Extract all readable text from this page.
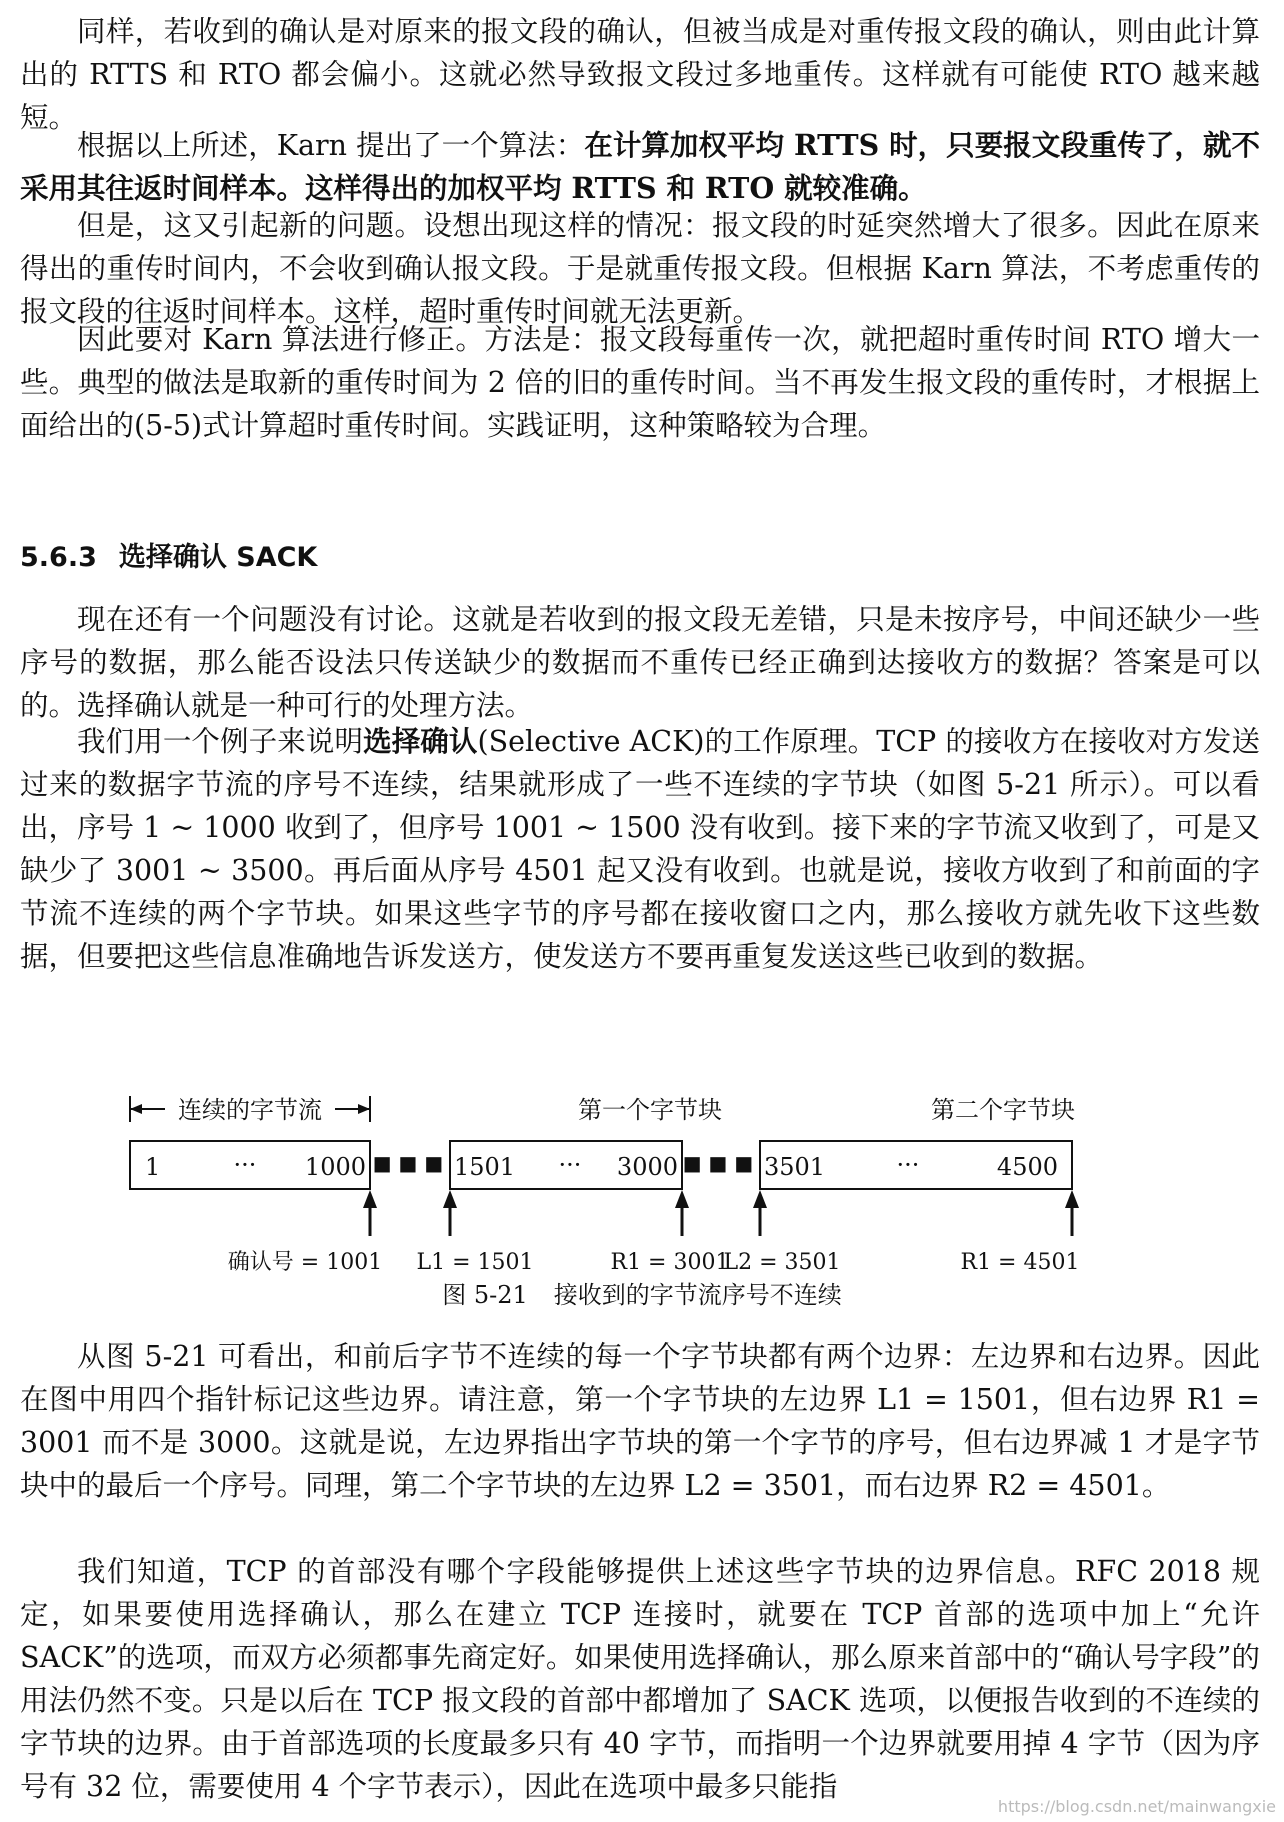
同样，若收到的确认是对原来的报文段的确认，但被当成是对重传报文段的确认，则由此计算出的 RTTS 和 RTO 都会偏小。这就必然导致报文段过多地重传。这样就有可能使 RTO 越来越短。

根据以上所述，Karn 提出了一个算法：在计算加权平均 RTTS 时，只要报文段重传了，就不采用其往返时间样本。这样得出的加权平均 RTTS 和 RTO 就较准确。

但是，这又引起新的问题。设想出现这样的情况：报文段的时延突然增大了很多。因此在原来得出的重传时间内，不会收到确认报文段。于是就重传报文段。但根据 Karn 算法，不考虑重传的报文段的往返时间样本。这样，超时重传时间就无法更新。

因此要对 Karn 算法进行修正。方法是：报文段每重传一次，就把超时重传时间 RTO 增大一些。典型的做法是取新的重传时间为 2 倍的旧的重传时间。当不再发生报文段的重传时，才根据上面给出的(5-5)式计算超时重传时间。实践证明，这种策略较为合理。

5.6.3 选择确认 SACK

现在还有一个问题没有讨论。这就是若收到的报文段无差错，只是未按序号，中间还缺少一些序号的数据，那么能否设法只传送缺少的数据而不重传已经正确到达接收方的数据？答案是可以的。选择确认就是一种可行的处理方法。

我们用一个例子来说明选择确认(Selective ACK)的工作原理。TCP 的接收方在接收对方发送过来的数据字节流的序号不连续，结果就形成了一些不连续的字节块（如图 5-21 所示）。可以看出，序号 1 ~ 1000 收到了，但序号 1001 ~ 1500 没有收到。接下来的字节流又收到了，可是又缺少了 3001 ~ 3500。再后面从序号 4501 起又没有收到。也就是说，接收方收到了和前面的字节流不连续的两个字节块。如果这些字节的序号都在接收窗口之内，那么接收方就先收下这些数据，但要把这些信息准确地告诉发送方，使发送方不要再重复发送这些已收到的数据。

连续的字节流	第一个字节块	第二个字节块
1	··· 1000 ■ ■ ■ 1501 ··· 3000 ■ ■ ■ 3501	···	4500
确认号 = 1001 L1 = 1501	R1 = 3001
L2 = 3501	R1 = 4501

图 5-21 接收到的字节流序号不连续

从图 5-21 可看出，和前后字节不连续的每一个字节块都有两个边界：左边界和右边界。因此在图中用四个指针标记这些边界。请注意，第一个字节块的左边界 L1 = 1501，但右边界 R1 = 3001 而不是 3000。这就是说，左边界指出字节块的第一个字节的序号，但右边界减 1 才是字节块中的最后一个序号。同理，第二个字节块的左边界 L2 = 3501，而右边界 R2 = 4501。

我们知道，TCP 的首部没有哪个字段能够提供上述这些字节块的边界信息。RFC 2018 规定，如果要使用选择确认，那么在建立 TCP 连接时，就要在 TCP 首部的选项中加上“允许 SACK”的选项，而双方必须都事先商定好。如果使用选择确认，那么原来首部中的“确认号字段”的用法仍然不变。只是以后在 TCP 报文段的首部中都增加了 SACK 选项，以便报告收到的不连续的字节块的边界。由于首部选项的长度最多只有 40 字节，而指明一个边界就要用掉 4 字节（因为序号有 32 位，需要使用 4 个字节表示），因此在选项中最多只能指

https://blog.csdn.net/mainwangxie
